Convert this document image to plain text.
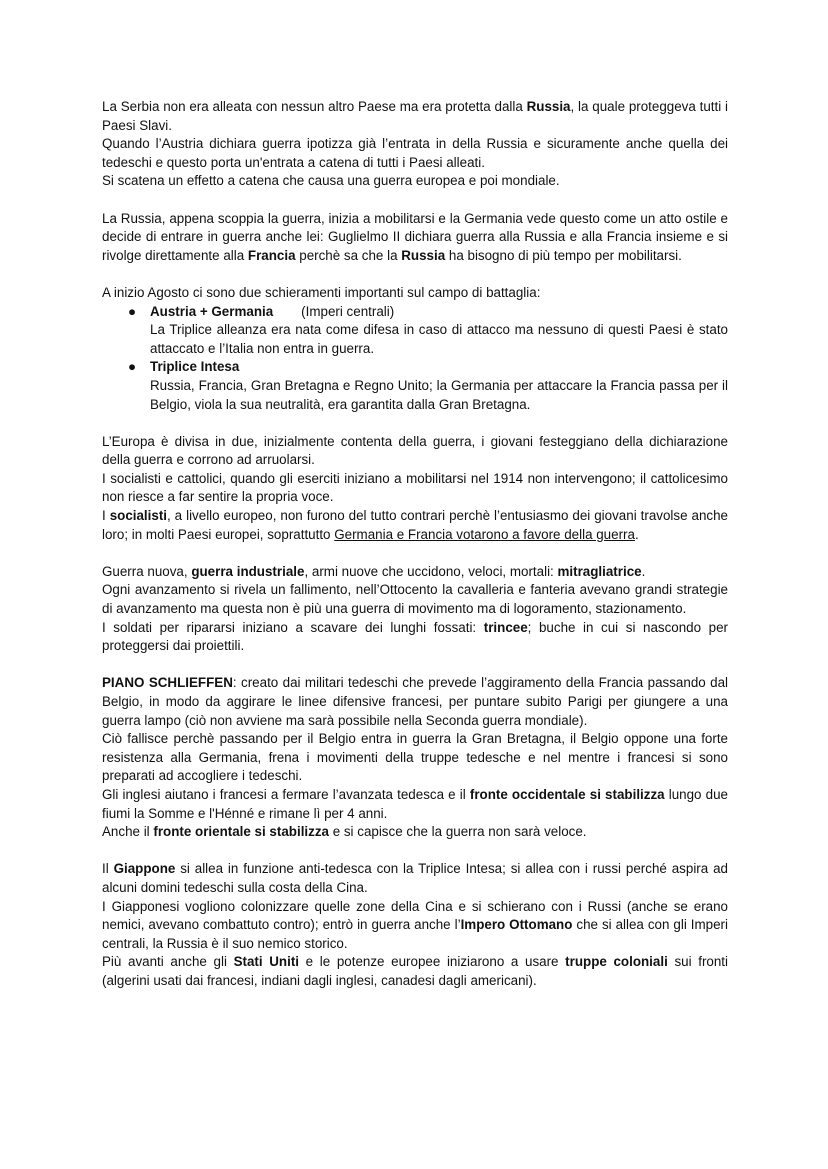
La Serbia non era alleata con nessun altro Paese ma era protetta dalla Russia, la quale proteggeva tutti i Paesi Slavi.
Quando l’Austria dichiara guerra ipotizza già l’entrata in della Russia e sicuramente anche quella dei tedeschi e questo porta un'entrata a catena di tutti i Paesi alleati.
Si scatena un effetto a catena che causa una guerra europea e poi mondiale.
La Russia, appena scoppia la guerra, inizia a mobilitarsi e la Germania vede questo come un atto ostile e decide di entrare in guerra anche lei: Guglielmo II dichiara guerra alla Russia e alla Francia insieme e si rivolge direttamente alla Francia perchè sa che la Russia ha bisogno di più tempo per mobilitarsi.
A inizio Agosto ci sono due schieramenti importanti sul campo di battaglia:
● Austria + Germania (Imperi centrali)
La Triplice alleanza era nata come difesa in caso di attacco ma nessuno di questi Paesi è stato attaccato e l’Italia non entra in guerra.
● Triplice Intesa
Russia, Francia, Gran Bretagna e Regno Unito; la Germania per attaccare la Francia passa per il Belgio, viola la sua neutralità, era garantita dalla Gran Bretagna.
L’Europa è divisa in due, inizialmente contenta della guerra, i giovani festeggiano della dichiarazione della guerra e corrono ad arruolarsi.
I socialisti e cattolici, quando gli eserciti iniziano a mobilitarsi nel 1914 non intervengono; il cattolicesimo non riesce a far sentire la propria voce.
I socialisti, a livello europeo, non furono del tutto contrari perchè l’entusiasmo dei giovani travolse anche loro; in molti Paesi europei, soprattutto Germania e Francia votarono a favore della guerra.
Guerra nuova, guerra industriale, armi nuove che uccidono, veloci, mortali: mitragliatrice.
Ogni avanzamento si rivela un fallimento, nell’Ottocento la cavalleria e fanteria avevano grandi strategie di avanzamento ma questa non è più una guerra di movimento ma di logoramento, stazionamento.
I soldati per ripararsi iniziano a scavare dei lunghi fossati: trincee; buche in cui si nascondo per proteggersi dai proiettili.
PIANO SCHLIEFFEN: creato dai militari tedeschi che prevede l’aggiramento della Francia passando dal Belgio, in modo da aggirare le linee difensive francesi, per puntare subito Parigi per giungere a una guerra lampo (ciò non avviene ma sarà possibile nella Seconda guerra mondiale).
Ciò fallisce perchè passando per il Belgio entra in guerra la Gran Bretagna, il Belgio oppone una forte resistenza alla Germania, frena i movimenti della truppe tedesche e nel mentre i francesi si sono preparati ad accogliere i tedeschi.
Gli inglesi aiutano i francesi a fermare l’avanzata tedesca e il fronte occidentale si stabilizza lungo due fiumi la Somme e l'Hénné e rimane lì per 4 anni.
Anche il fronte orientale si stabilizza e si capisce che la guerra non sarà veloce.
Il Giappone si allea in funzione anti-tedesca con la Triplice Intesa; si allea con i russi perché aspira ad alcuni domini tedeschi sulla costa della Cina.
I Giapponesi vogliono colonizzare quelle zone della Cina e si schierano con i Russi (anche se erano nemici, avevano combattuto contro); entrò in guerra anche l’Impero Ottomano che si allea con gli Imperi centrali, la Russia è il suo nemico storico.
Più avanti anche gli Stati Uniti e le potenze europee iniziarono a usare truppe coloniali sui fronti (algerini usati dai francesi, indiani dagli inglesi, canadesi dagli americani).
